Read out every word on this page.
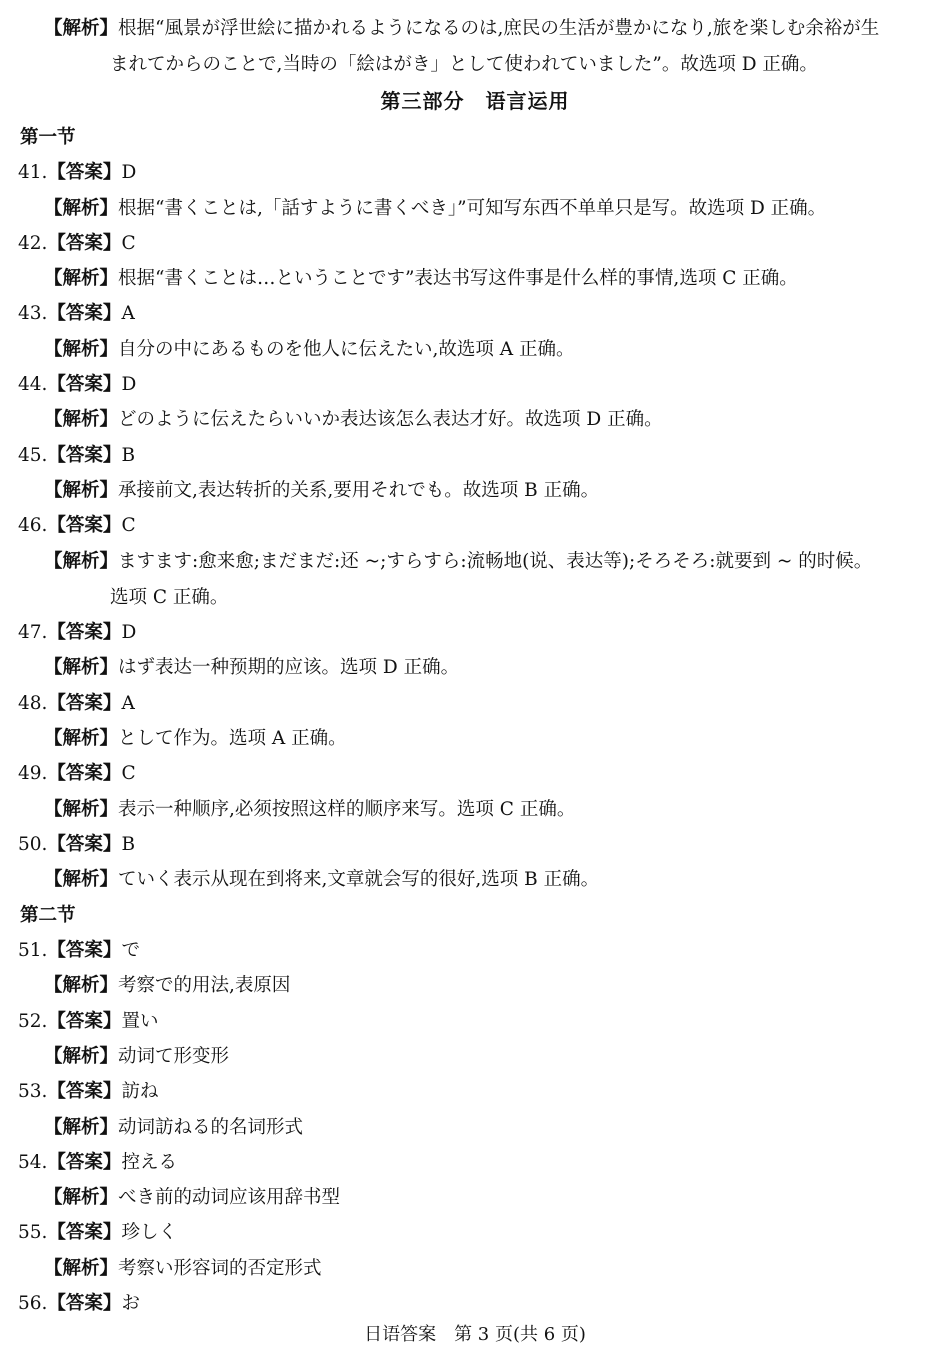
【解析】根据“風景が浮世絵に描かれるようになるのは,庶民の生活が豊かになり,旅を楽しむ余裕が生
まれてからのことで,当時の「絵はがき」として使われていました”。故选项 D 正确。
第三部分　语言运用
第一节
41.【答案】D
【解析】根据“書くことは,「話すように書くべき」”可知写东西不单单只是写。故选项 D 正确。
42.【答案】C
【解析】根据“書くことは…ということです”表达书写这件事是什么样的事情,选项 C 正确。
43.【答案】A
【解析】自分の中にあるものを他人に伝えたい,故选项 A 正确。
44.【答案】D
【解析】どのように伝えたらいいか表达该怎么表达才好。故选项 D 正确。
45.【答案】B
【解析】承接前文,表达转折的关系,要用それでも。故选项 B 正确。
46.【答案】C
【解析】ますます:愈来愈;まだまだ:还 ~;すらすら:流畅地(说、表达等);そろそろ:就要到 ~ 的时候。
选项 C 正确。
47.【答案】D
【解析】はず表达一种预期的应该。选项 D 正确。
48.【答案】A
【解析】として作为。选项 A 正确。
49.【答案】C
【解析】表示一种顺序,必须按照这样的顺序来写。选项 C 正确。
50.【答案】B
【解析】ていく表示从现在到将来,文章就会写的很好,选项 B 正确。
第二节
51.【答案】で
【解析】考察で的用法,表原因
52.【答案】置い
【解析】动词て形变形
53.【答案】訪ね
【解析】动词訪ねる的名词形式
54.【答案】控える
【解析】べき前的动词应该用辞书型
55.【答案】珍しく
【解析】考察い形容词的否定形式
56.【答案】お
日语答案　第 3 页(共 6 页)
